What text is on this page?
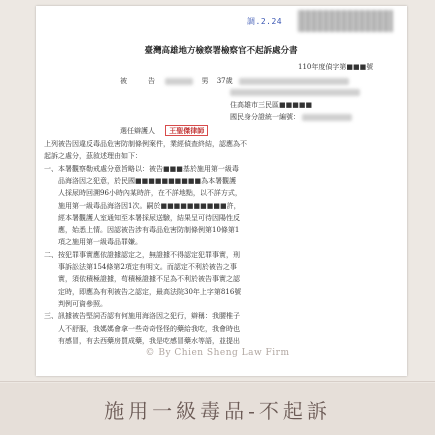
調.2.24
臺灣高雄地方檢察署檢察官不起訴處分書
110年度偵字第■■■號
被　　　告	男 37歲
住高雄市三民區■■■■■
國民身分證統一編號：
選任辯護人 王聖傑律師
上列被告因違反毒品危害防制條例案件，業經偵查終結，認應為不
起訴之處分，茲敘述理由如下：
一、本署觀察勒戒處分意旨略以：被告■■■基於施用第一級毒
　　品海洛因之犯意，於民國■■■■■■■■■■為本署觀護
　　人採尿時回溯96小時內某時許，在不詳地點，以不詳方式，
　　施用第一級毒品海洛因1次。嗣於■■■■■■■■■■許，
　　經本署觀護人室通知至本署採尿送驗，結果呈可待因陽性反
　　應，始悉上情。因認被告涉有毒品危害防制條例第10條第1
　　項之施用第一級毒品罪嫌。
二、按犯罪事實應依證據認定之，無證據不得認定犯罪事實，刑
　　事訴訟法第154條第2項定有明文。而認定不利於被告之事
　　實，須依積極證據，苟積極證據不足為不利於被告事實之認
　　定時，即應為有利被告之認定，最高法院30年上字第816號
　　判例可資參照。
三、訊據被告堅詞否認有何施用海洛因之犯行，辯稱：我腰椎子
　　人不舒服，我媽媽會拿一些奇奇怪怪的藥給我吃，我會時也
　　有感冒，有去西藥房買成藥，我是吃感冒藥水等語，並提出
© By Chien Sheng Law Firm
施用一級毒品-不起訴
